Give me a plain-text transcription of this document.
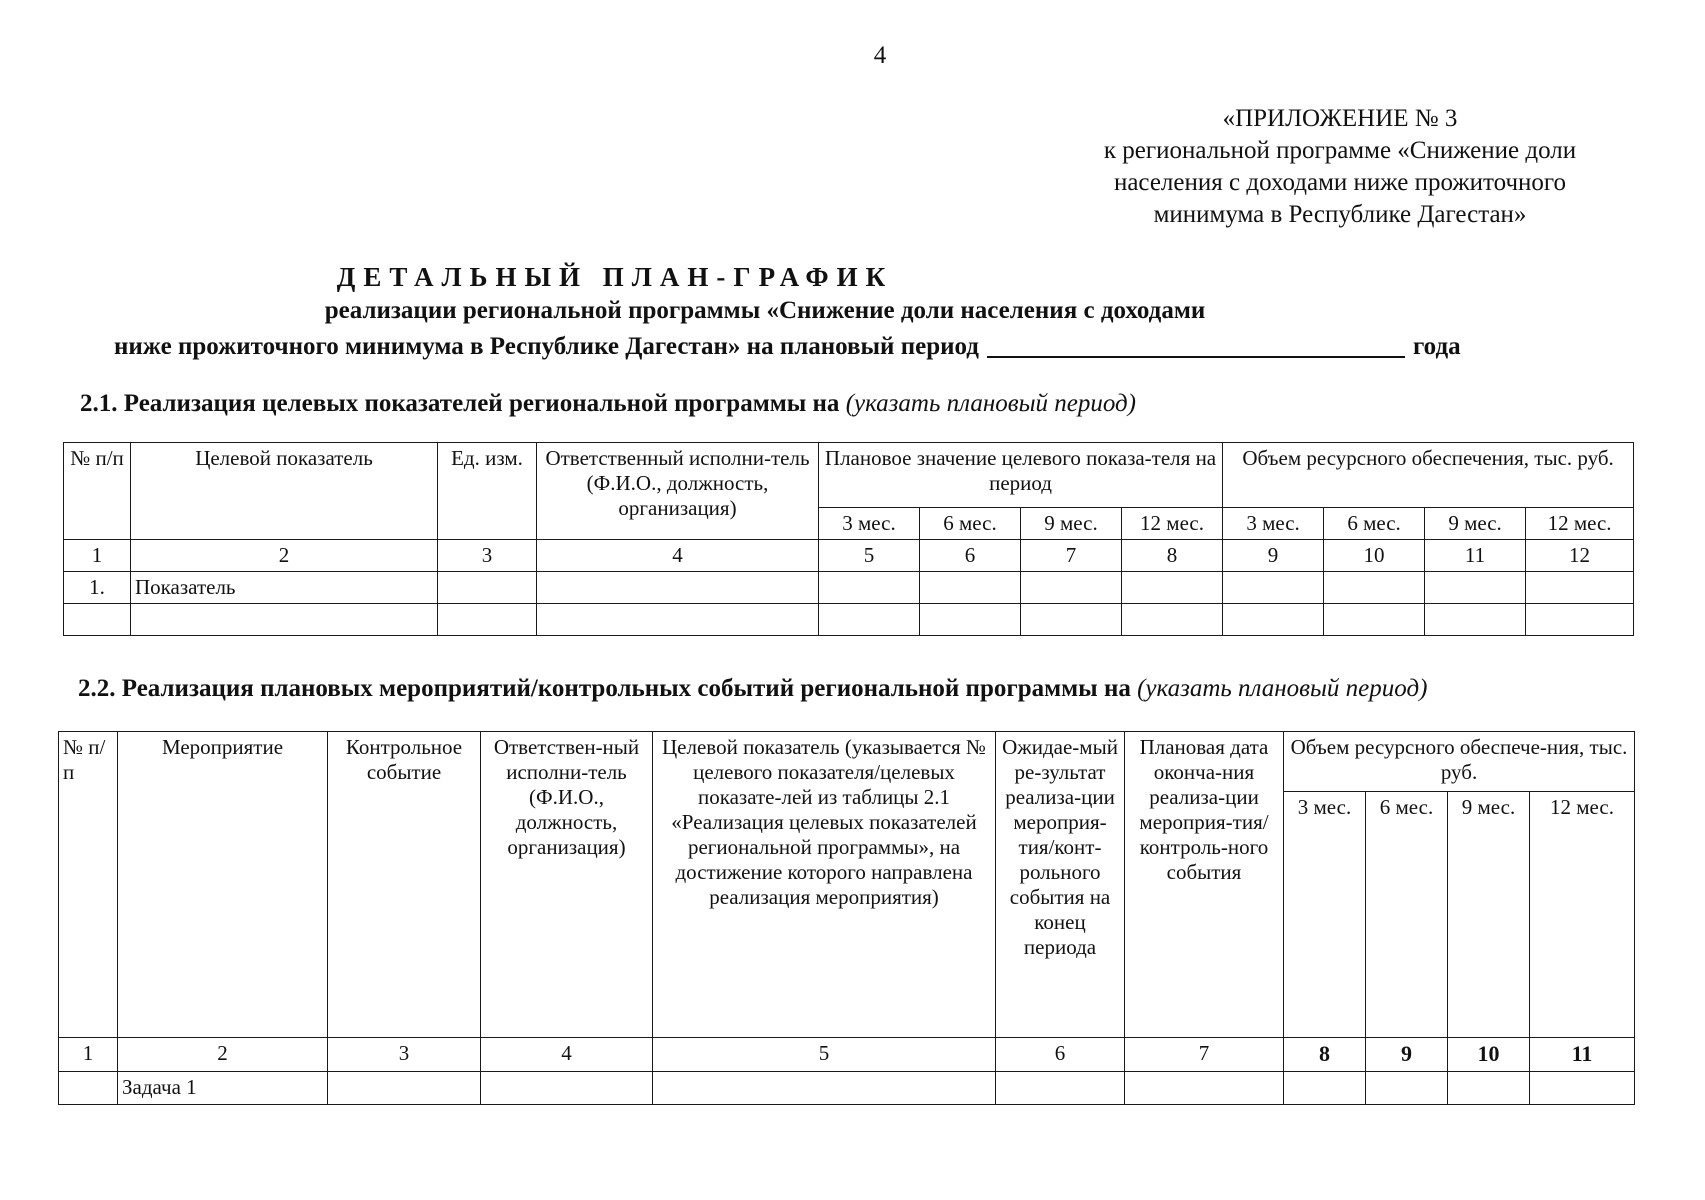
4
«ПРИЛОЖЕНИЕ № 3
к региональной программе «Снижение доли
населения с доходами ниже прожиточного
минимума в Республике Дагестан»
ДЕТАЛЬНЫЙ ПЛАН-ГРАФИК
реализации региональной программы «Снижение доли населения с доходами
ниже прожиточного минимума в Республике Дагестан» на плановый период	года
2.1. Реализация целевых показателей региональной программы на (указать плановый период)
№ п/п	Целевой показатель	Ед. изм.	Ответственный исполни-тель (Ф.И.О., должность, организация)	Плановое значение целевого показа-теля на период				Объем ресурсного обеспечения, тыс. руб.			
				3 мес.	6 мес.	9 мес.	12 мес.	3 мес.	6 мес.	9 мес.	12 мес.
1	2	3	4	5	6	7	8	9	10	11	12
1.	Показатель										

2.2. Реализация плановых мероприятий/контрольных событий региональной программы на (указать плановый период)
№ п/п	Мероприятие	Контрольное событие	Ответствен-ный исполни-тель (Ф.И.О., должность, организация)	Целевой показатель (указывается № целевого показателя/целевых показате-лей из таблицы 2.1 «Реализация целевых показателей региональной программы», на достижение которого направлена реализация мероприятия)	Ожидае-мый ре-зультат реализа-ции мероприя-тия/конт-рольного события на конец периода	Плановая дата оконча-ния реализа-ции мероприя-тия/контроль-ного события	Объем ресурсного обеспече-ния, тыс. руб.			
							3 мес.	6 мес.	9 мес.	12 мес.
1	2	3	4	5	6	7	8	9	10	11
	Задача 1									
